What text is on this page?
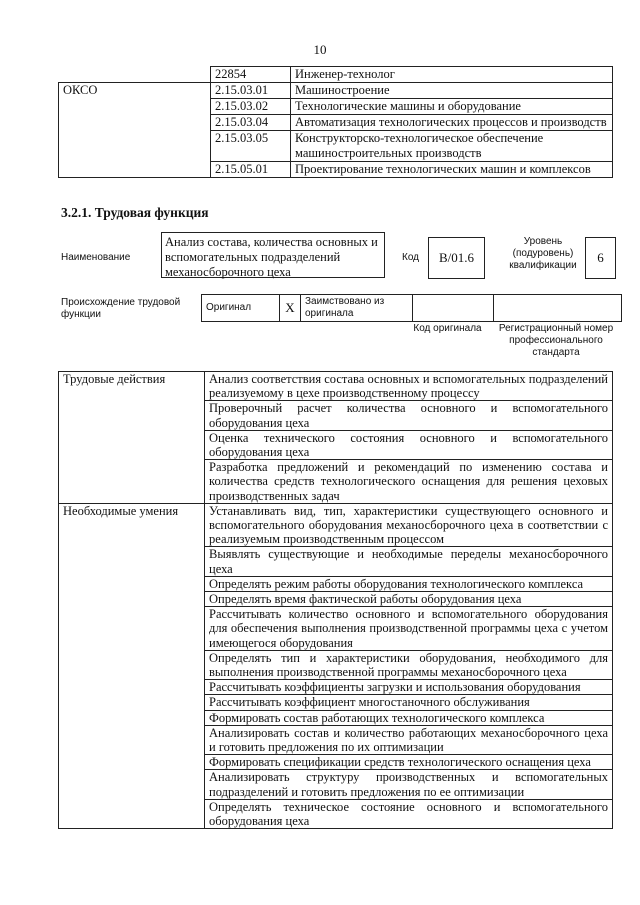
10
	22854	Инженер-технолог
ОКСО	2.15.03.01	Машиностроение
	2.15.03.02	Технологические машины и оборудование
	2.15.03.04	Автоматизация технологических процессов и производств
	2.15.03.05	Конструкторско-технологическое обеспечение машиностроительных производств
	2.15.05.01	Проектирование технологических машин и комплексов
3.2.1. Трудовая функция
Наименование
Анализ состава, количества основных и вспомогательных подразделений механосборочного цеха
Код	B/01.6
Уровень (подуровень) квалификации
6
Происхождение трудовой функции
Оригинал	X	Заимствовано из оригинала		
Код оригинала Регистрационный номер профессионального стандарта
Трудовые действия	Анализ соответствия состава основных и вспомогательных подразделений реализуемому в цехе производственному процессу
	Проверочный расчет количества основного и вспомогательного оборудования цеха
	Оценка технического состояния основного и вспомогательного оборудования цеха
	Разработка предложений и рекомендаций по изменению состава и количества средств технологического оснащения для решения цеховых производственных задач
Необходимые умения	Устанавливать вид, тип, характеристики существующего основного и вспомогательного оборудования механосборочного цеха в соответствии с реализуемым производственным процессом
	Выявлять существующие и необходимые переделы механосборочного цеха
	Определять режим работы оборудования технологического комплекса
	Определять время фактической работы оборудования цеха
	Рассчитывать количество основного и вспомогательного оборудования для обеспечения выполнения производственной программы цеха с учетом имеющегося оборудования
	Определять тип и характеристики оборудования, необходимого для выполнения производственной программы механосборочного цеха
	Рассчитывать коэффициенты загрузки и использования оборудования
	Рассчитывать коэффициент многостаночного обслуживания
	Формировать состав работающих технологического комплекса
	Анализировать состав и количество работающих механосборочного цеха и готовить предложения по их оптимизации
	Формировать спецификации средств технологического оснащения цеха
	Анализировать структуру производственных и вспомогательных подразделений и готовить предложения по ее оптимизации
	Определять техническое состояние основного и вспомогательного оборудования цеха
